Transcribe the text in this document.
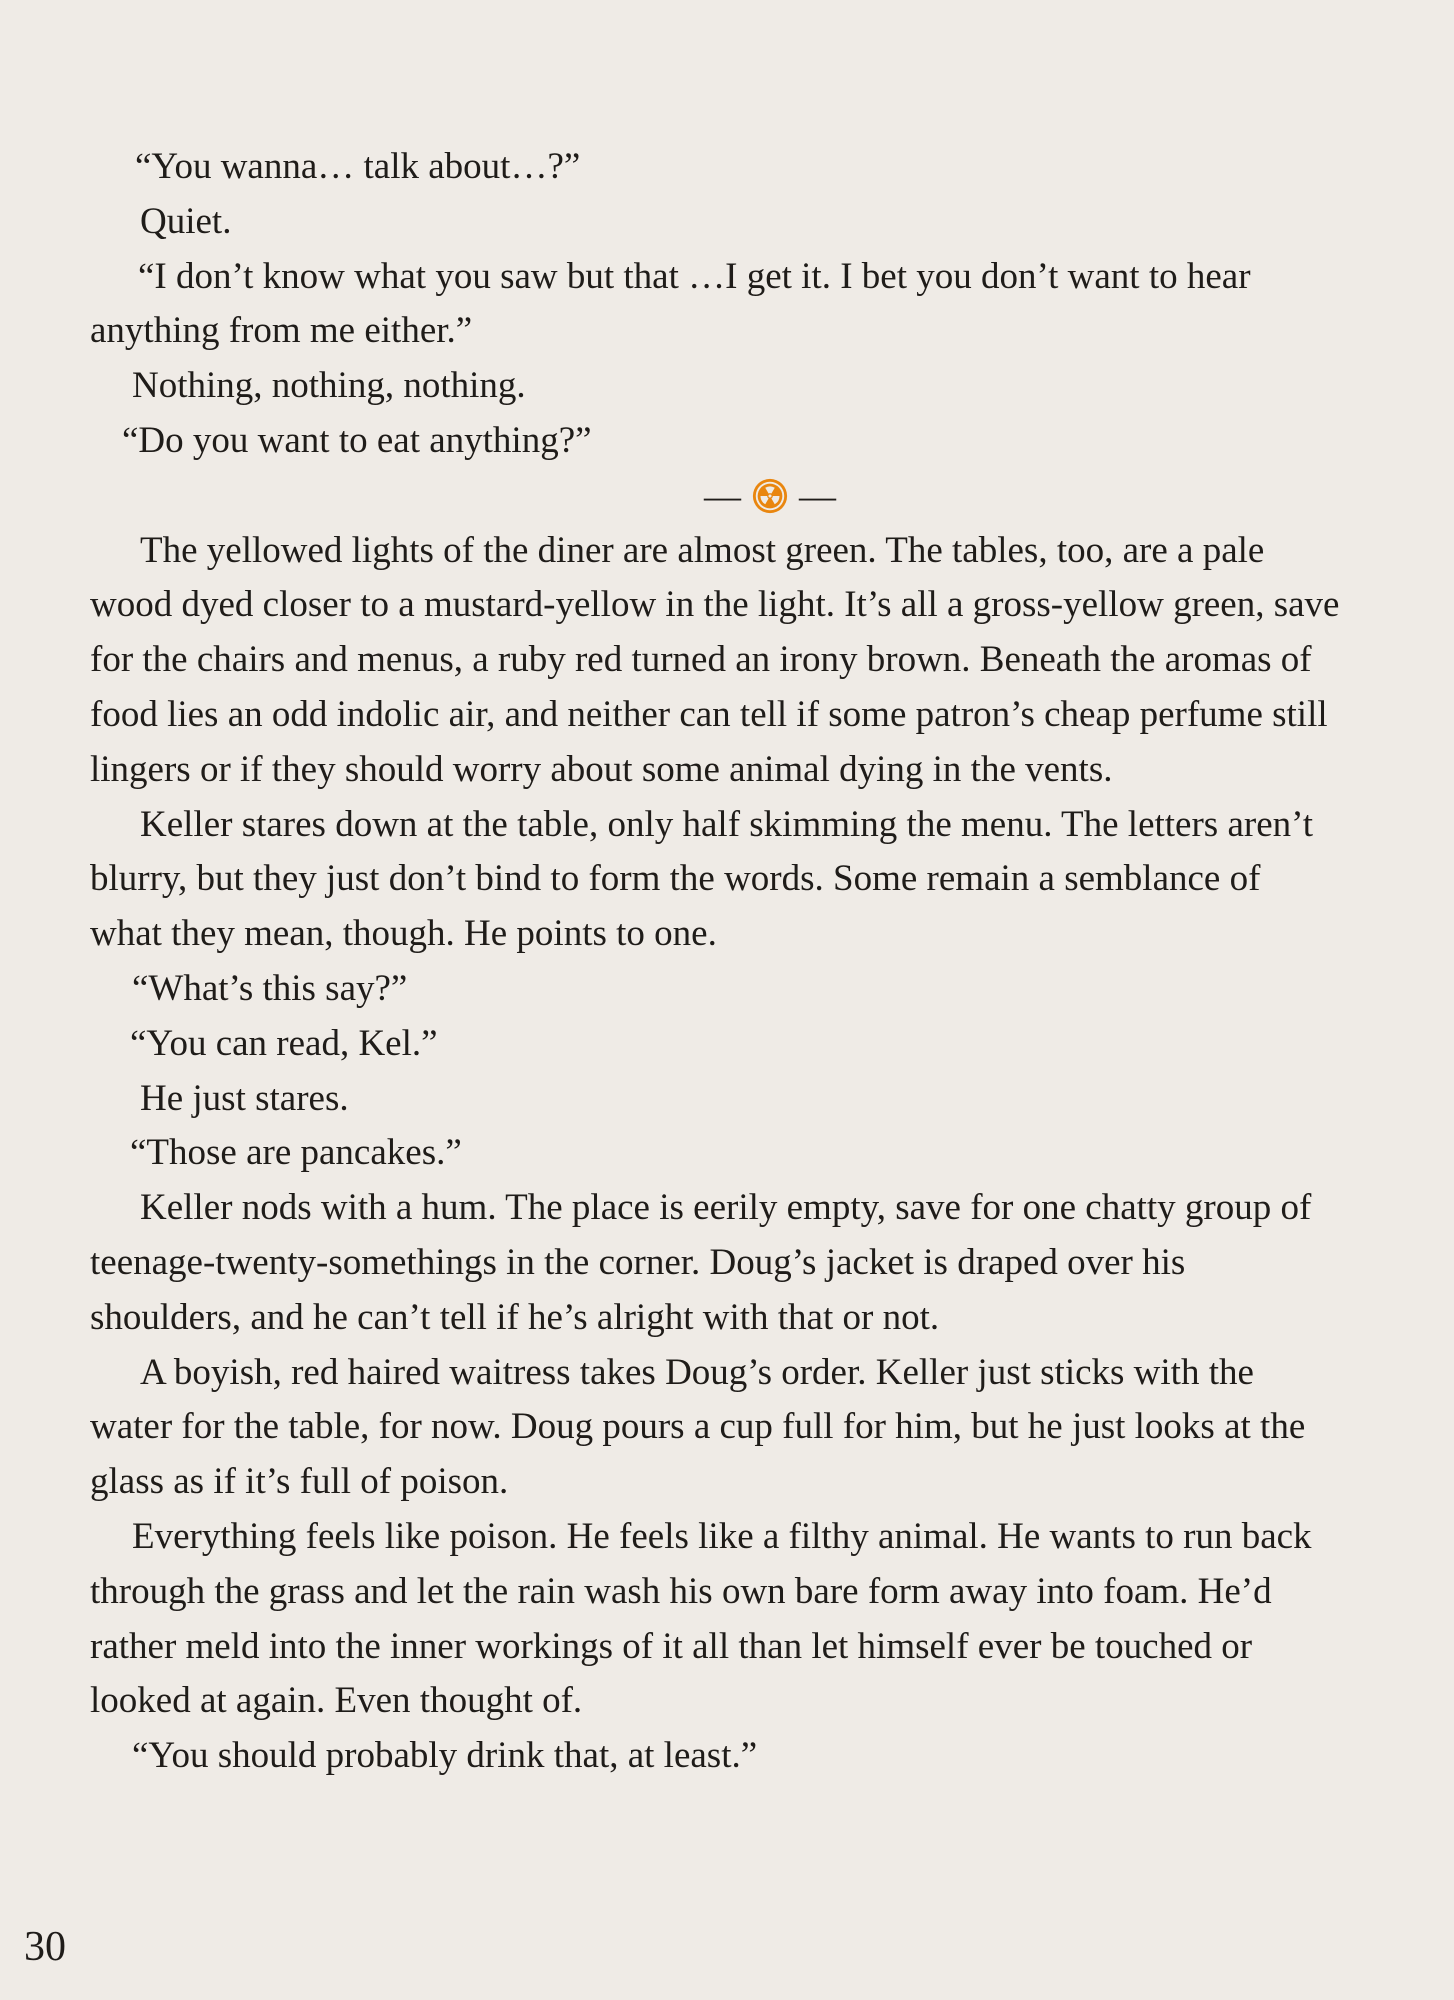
“You wanna… talk about…?”
Quiet.
“I don’t know what you saw but that …I get it. I bet you don’t want to hear
anything from me either.”
Nothing, nothing, nothing.
“Do you want to eat anything?”
— —
The yellowed lights of the diner are almost green. The tables, too, are a pale
wood dyed closer to a mustard-yellow in the light. It’s all a gross-yellow green, save
for the chairs and menus, a ruby red turned an irony brown. Beneath the aromas of
food lies an odd indolic air, and neither can tell if some patron’s cheap perfume still
lingers or if they should worry about some animal dying in the vents.
Keller stares down at the table, only half skimming the menu. The letters aren’t
blurry, but they just don’t bind to form the words. Some remain a semblance of
what they mean, though. He points to one.
“What’s this say?”
“You can read, Kel.”
He just stares.
“Those are pancakes.”
Keller nods with a hum. The place is eerily empty, save for one chatty group of
teenage-twenty-somethings in the corner. Doug’s jacket is draped over his
shoulders, and he can’t tell if he’s alright with that or not.
A boyish, red haired waitress takes Doug’s order. Keller just sticks with the
water for the table, for now. Doug pours a cup full for him, but he just looks at the
glass as if it’s full of poison.
Everything feels like poison. He feels like a filthy animal. He wants to run back
through the grass and let the rain wash his own bare form away into foam. He’d
rather meld into the inner workings of it all than let himself ever be touched or
looked at again. Even thought of.
“You should probably drink that, at least.”
30
